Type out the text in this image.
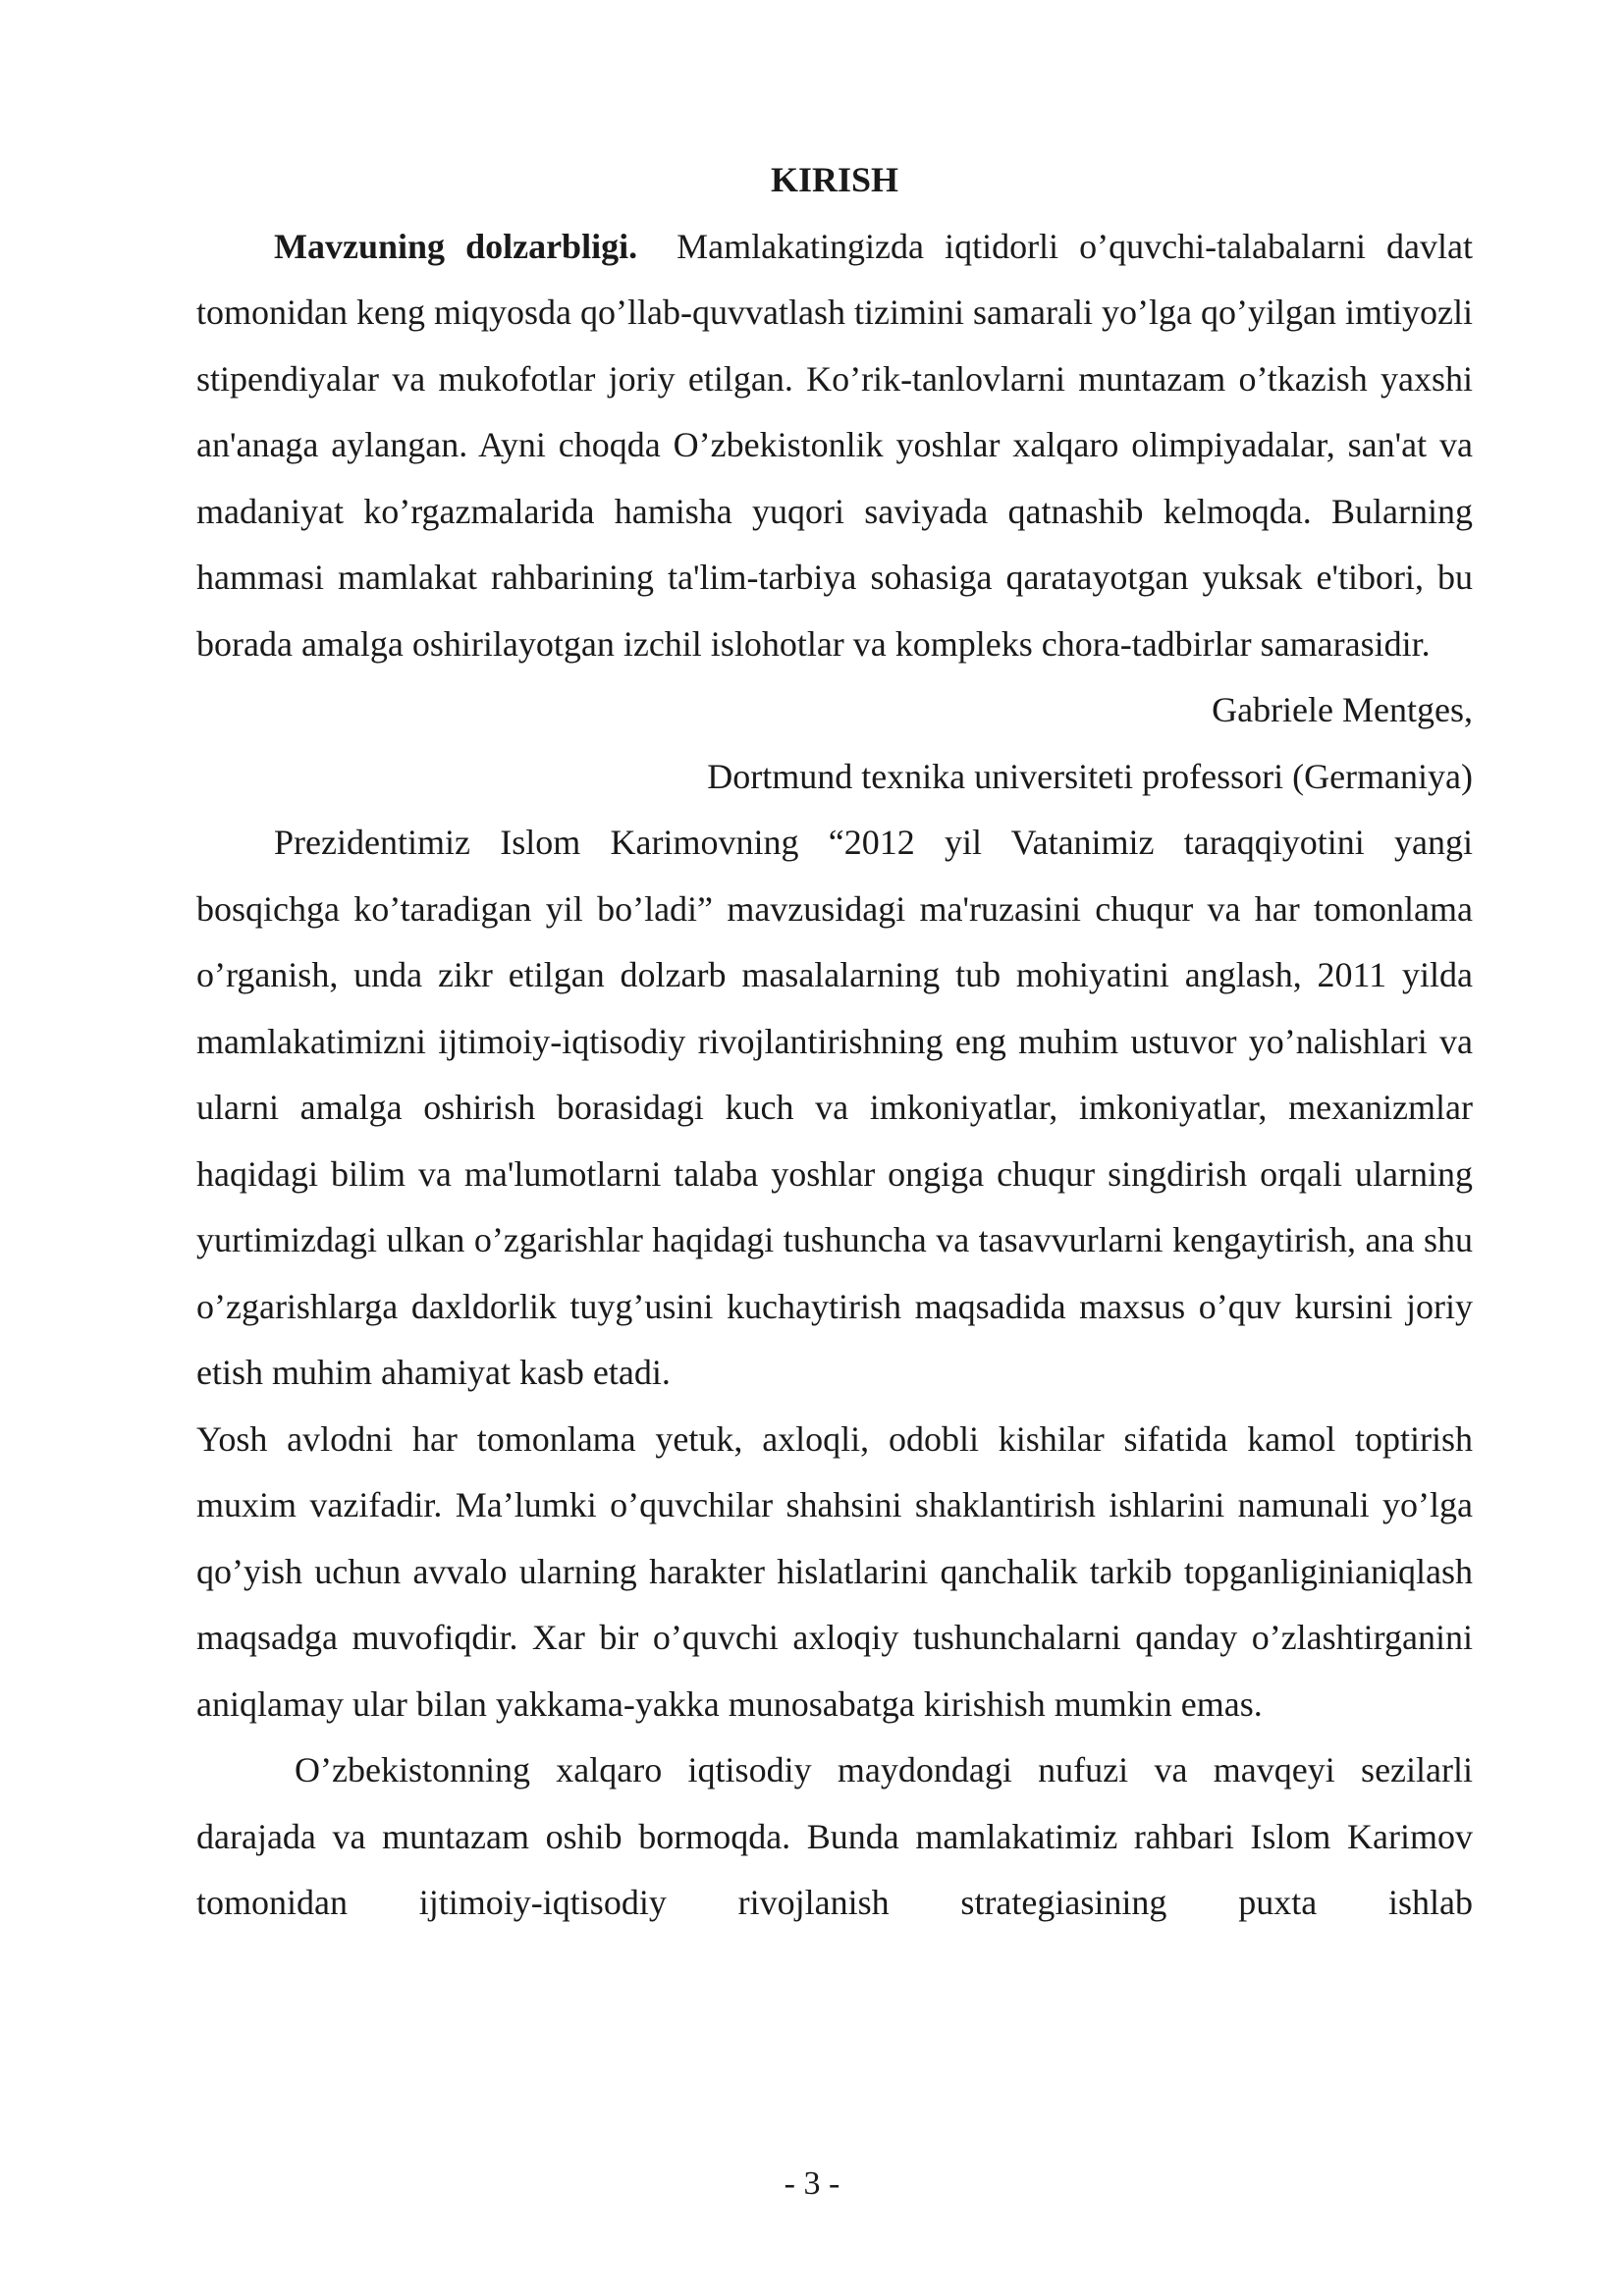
KIRISH

Mavzuning dolzarbligi. Mamlakatingizda iqtidorli o’quvchi-talabalarni davlat tomonidan keng miqyosda qo’llab-quvvatlash tizimini samarali yo’lga qo’yilgan imtiyozli stipendiyalar va mukofotlar joriy etilgan. Ko’rik-tanlovlarni muntazam o’tkazish yaxshi an'anaga aylangan. Ayni choqda O’zbekistonlik yoshlar xalqaro olimpiyadalar, san'at va madaniyat ko’rgazmalarida hamisha yuqori saviyada qatnashib kelmoqda. Bularning hammasi mamlakat rahbarining ta'lim-tarbiya sohasiga qaratayotgan yuksak e'tibori, bu borada amalga oshirilayotgan izchil islohotlar va kompleks chora-tadbirlar samarasidir.

Gabriele Mentges,

Dortmund texnika universiteti professori (Germaniya)

Prezidentimiz Islom Karimovning “2012 yil Vatanimiz taraqqiyotini yangi bosqichga ko’taradigan yil bo’ladi” mavzusidagi ma'ruzasini chuqur va har tomonlama o’rganish, unda zikr etilgan dolzarb masalalarning tub mohiyatini anglash, 2011 yilda mamlakatimizni ijtimoiy-iqtisodiy rivojlantirishning eng muhim ustuvor yo’nalishlari va ularni amalga oshirish borasidagi kuch va imkoniyatlar, imkoniyatlar, mexanizmlar haqidagi bilim va ma'lumotlarni talaba yoshlar ongiga chuqur singdirish orqali ularning yurtimizdagi ulkan o’zgarishlar haqidagi tushuncha va tasavvurlarni kengaytirish, ana shu o’zgarishlarga daxldorlik tuyg’usini kuchaytirish maqsadida maxsus o’quv kursini joriy etish muhim ahamiyat kasb etadi.

Yosh avlodni har tomonlama yetuk, axloqli, odobli kishilar sifatida kamol toptirish muxim vazifadir. Ma’lumki o’quvchilar shahsini shaklantirish ishlarini namunali yo’lga qo’yish uchun avvalo ularning harakter hislatlarini qanchalik tarkib topganliginianiqlash maqsadga muvofiqdir. Xar bir o’quvchi axloqiy tushunchalarni qanday o’zlashtirganini aniqlamay ular bilan yakkama-yakka munosabatga kirishish mumkin emas.

O’zbekistonning xalqaro iqtisodiy maydondagi nufuzi va mavqeyi sezilarli darajada va muntazam oshib bormoqda. Bunda mamlakatimiz rahbari Islom Karimov tomonidan ijtimoiy-iqtisodiy rivojlanish strategiasining puxta ishlab

- 3 -
